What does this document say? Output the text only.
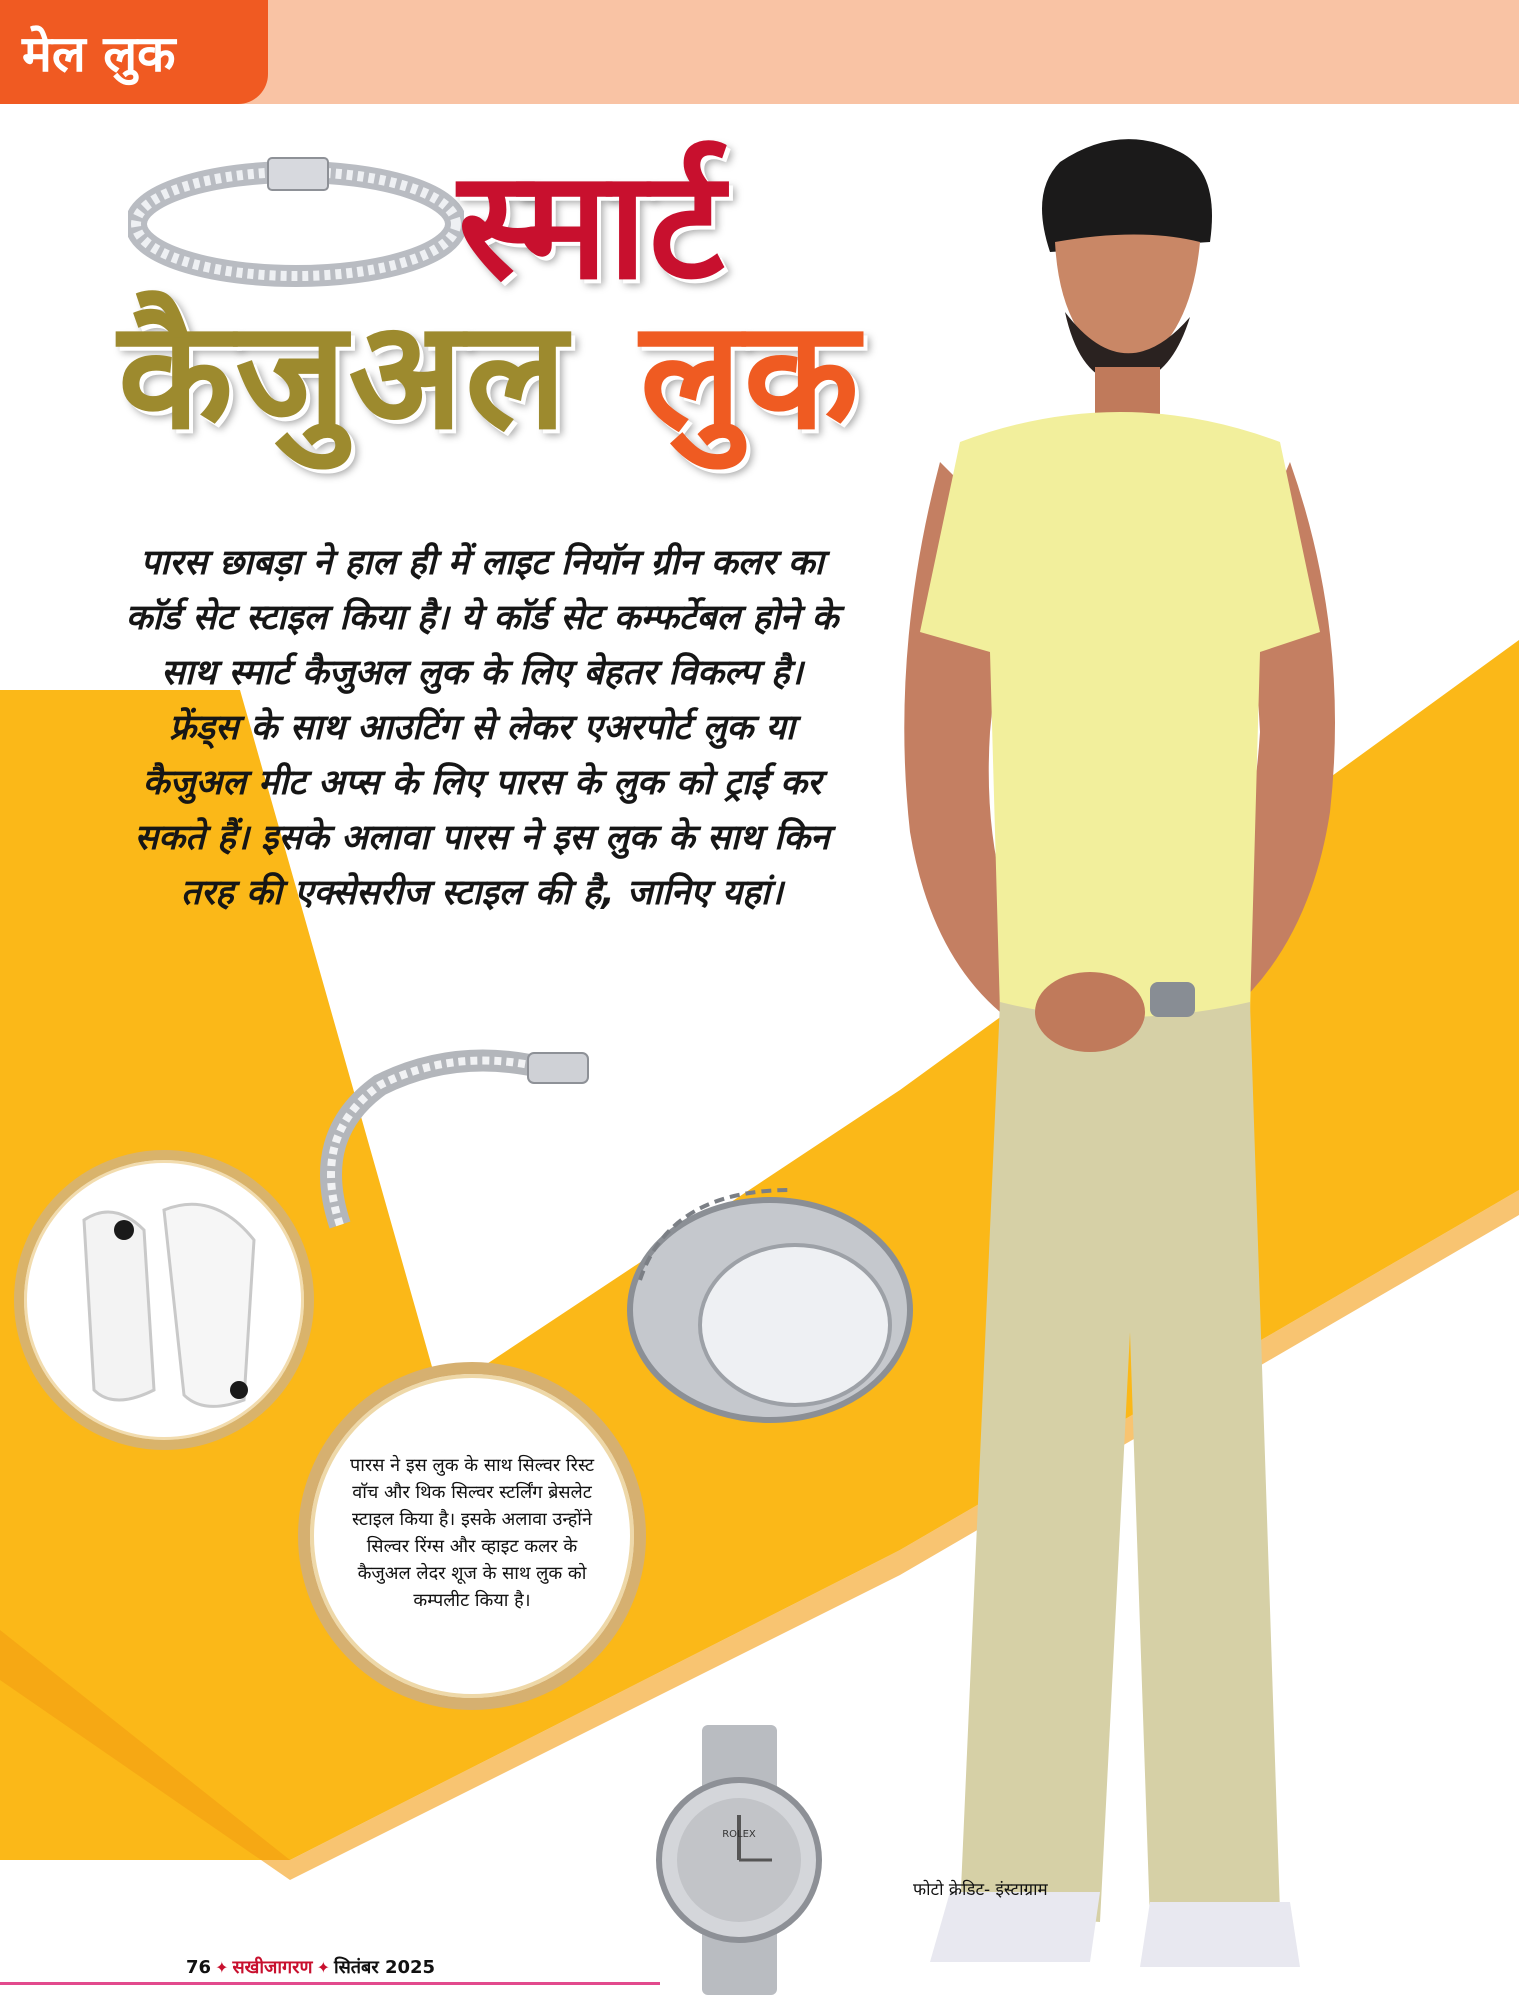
मेल लुक
स्मार्ट
कैजुअल लुक
पारस छाबड़ा ने हाल ही में लाइट नियाॅन ग्रीन कलर का काॅर्ड सेट स्टाइल किया है। ये काॅर्ड सेट कम्फर्टेबल होने के साथ स्मार्ट कैजुअल लुक के लिए बेहतर विकल्प है। फ्रेंड्स के साथ आउटिंग से लेकर एअरपोर्ट लुक या कैजुअल मीट अप्स के लिए पारस के लुक को ट्राई कर सकते हैं। इसके अलावा पारस ने इस लुक के साथ किन तरह की एक्सेसरीज स्टाइल की है, जानिए यहां।

पारस ने इस लुक के साथ सिल्वर रिस्ट वाॅच और थिक सिल्वर स्टर्लिंग ब्रेसलेट स्टाइल किया है। इसके अलावा उन्होंने सिल्वर रिंग्स और व्हाइट कलर के कैजुअल लेदर शूज के साथ लुक को कम्पलीट किया है।

ROLEX
फोटो क्रेडिट- इंस्टाग्राम
76 ✦ सखीजागरण ✦ सितंबर 2025
